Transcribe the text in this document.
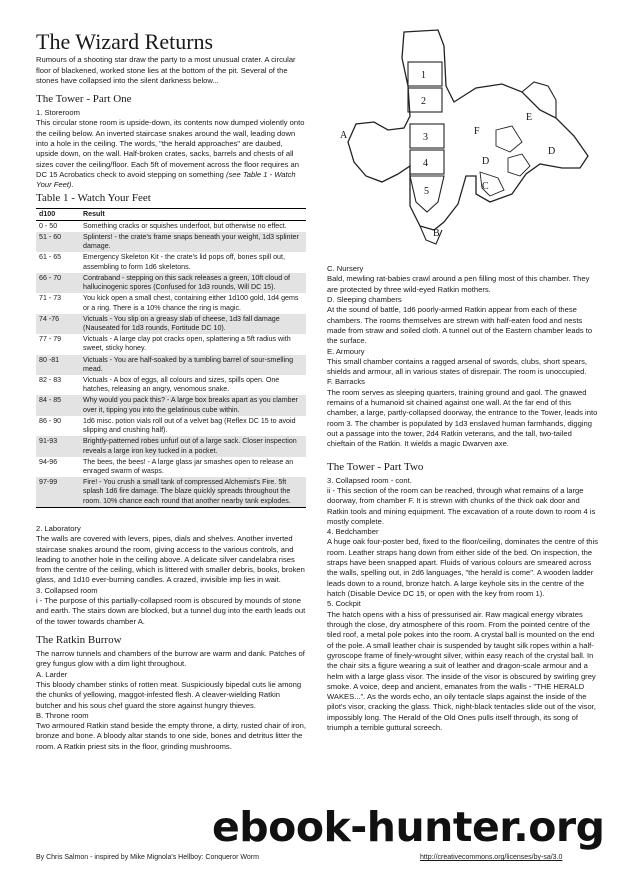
1
2
3
4
5
A
B
C
D
D
E
F
The Wizard Returns

Rumours of a shooting star draw the party to a most unusual crater. A circular floor of blackened, worked stone lies at the bottom of the pit. Several of the stones have collapsed into the silent darkness below...

The Tower - Part One

1. Storeroom

This circular stone room is upside-down, its contents now dumped violently onto the ceiling below. An inverted staircase snakes around the wall, leading down into a hole in the ceiling. The words, "the herald approaches" are daubed, upside down, on the wall. Half-broken crates, sacks, barrels and chests of all sizes cover the ceiling/floor. Each 5ft of movement across the floor requires an DC 15 Acrobatics check to avoid stepping on something (see Table 1 - Watch Your Feet).

Table 1 - Watch Your Feet
d100	Result
0 - 50	Something cracks or squishes underfoot, but otherwise no effect.
51 - 60	Splinters! - the crate's frame snaps beneath your weight, 1d3 splinter damage.
61 - 65	Emergency Skeleton Kit - the crate's lid pops off, bones spill out, assembling to form 1d6 skeletons.
66 - 70	Contraband - stepping on this sack releases a green, 10ft cloud of hallucinogenic spores (Confused for 1d3 rounds, Will DC 15).
71 - 73	You kick open a small chest, containing either 1d100 gold, 1d4 gems or a ring. There is a 10% chance the ring is magic.
74 -76	Victuals - You slip on a greasy slab of cheese, 1d3 fall damage (Nauseated for 1d3 rounds, Fortitude DC 10).
77 - 79	Victuals - A large clay pot cracks open, splattering a 5ft radius with sweet, sticky honey.
80 -81	Victuals - You are half-soaked by a tumbling barrel of sour-smelling mead.
82 - 83	Victuals - A box of eggs, all colours and sizes, spills open. One hatches, releasing an angry, venomous snake.
84 - 85	Why would you pack this? - A large box breaks apart as you clamber over it, tipping you into the gelatinous cube within.
86 - 90	1d6 misc. potion vials roll out of a velvet bag (Reflex DC 15 to avoid slipping and crushing half).
91-93	Brightly-patterned robes unfurl out of a large sack. Closer inspection reveals a large iron key tucked in a pocket.
94-96	The bees, the bees! - A large glass jar smashes open to release an enraged swarm of wasps.
97-99	Fire! - You crush a small tank of compressed Alchemist's Fire. 5ft splash 1d6 fire damage. The blaze quickly spreads throughout the room. 10% chance each round that another nearby tank explodes.

2. Laboratory

The walls are covered with levers, pipes, dials and shelves. Another inverted staircase snakes around the room, giving access to the various controls, and leading to another hole in the ceiling above. A delicate silver candelabra rises from the centre of the ceiling, which is littered with smaller debris, books, broken glass, and 1d10 ever-burning candles. A crazed, invisible imp lies in wait.

3. Collapsed room

i - The purpose of this partially-collapsed room is obscured by mounds of stone and earth. The stairs down are blocked, but a tunnel dug into the earth leads out of the tower towards chamber A.

The Ratkin Burrow

The narrow tunnels and chambers of the burrow are warm and dank. Patches of grey fungus glow with a dim light throughout.

A. Larder

This bloody chamber stinks of rotten meat. Suspiciously bipedal cuts lie among the chunks of yellowing, maggot-infested flesh. A cleaver-wielding Ratkin butcher and his sous chef guard the store against hungry thieves.

B. Throne room

Two armoured Ratkin stand beside the empty throne, a dirty, rusted chair of iron, bronze and bone. A bloody altar stands to one side, bones and detritus litter the room. A Ratkin priest sits in the floor, grinding mushrooms.

C. Nursery

Bald, mewling rat-babies crawl around a pen filling most of this chamber. They are protected by three wild-eyed Ratkin mothers.

D. Sleeping chambers

At the sound of battle, 1d6 poorly-armed Ratkin appear from each of these chambers. The rooms themselves are strewn with half-eaten food and nests made from straw and soiled cloth. A tunnel out of the Eastern chamber leads to the surface.

E. Armoury

This small chamber contains a ragged arsenal of swords, clubs, short spears, shields and armour, all in various states of disrepair. The room is unoccupied.

F. Barracks

The room serves as sleeping quarters, training ground and gaol. The gnawed remains of a humanoid sit chained against one wall. At the far end of this chamber, a large, partly-collapsed doorway, the entrance to the Tower, leads into room 3. The chamber is populated by 1d3 enslaved human farmhands, digging out a passage into the tower, 2d4 Ratkin veterans, and the tall, two-tailed chieftain of the Ratkin. It wields a magic Dwarven axe.

The Tower - Part Two

3. Collapsed room - cont.

ii - This section of the room can be reached, through what remains of a large doorway, from chamber F. It is strewn with chunks of the thick oak door and Ratkin tools and mining equipment. The excavation of a route down to room 4 is mostly complete.

4. Bedchamber

A huge oak four-poster bed, fixed to the floor/ceiling, dominates the centre of this room. Leather straps hang down from either side of the bed. On inspection, the straps have been snapped apart. Fluids of various colours are smeared across the walls, spelling out, in 2d6 languages, "the herald is come". A wooden ladder leads down to a round, bronze hatch. A large keyhole sits in the centre of the hatch (Disable Device DC 15, or open with the key from room 1).

5. Cockpit

The hatch opens with a hiss of pressurised air. Raw magical energy vibrates through the close, dry atmosphere of this room. From the pointed centre of the tiled roof, a metal pole pokes into the room. A crystal ball is mounted on the end of the pole. A small leather chair is suspended by taught silk ropes within a half-gyroscope frame of finely-wrought silver, within easy reach of the crystal ball. In the chair sits a figure wearing a suit of leather and dragon-scale armour and a helm with a large glass visor. The inside of the visor is obscured by swirling grey smoke. A voice, deep and ancient, emanates from the walls - "THE HERALD WAKES...". As the words echo, an oily tentacle slaps against the inside of the pilot's visor, cracking the glass. Thick, night-black tentacles slide out of the visor, impossibly long. The Herald of the Old Ones pulls itself through, its song of triumph a terrible guttural screech.

ebook-hunter.org
By Chris Salmon - inspired by Mike Mignola's Hellboy: Conqueror Worm	http://creativecommons.org/licenses/by-sa/3.0
